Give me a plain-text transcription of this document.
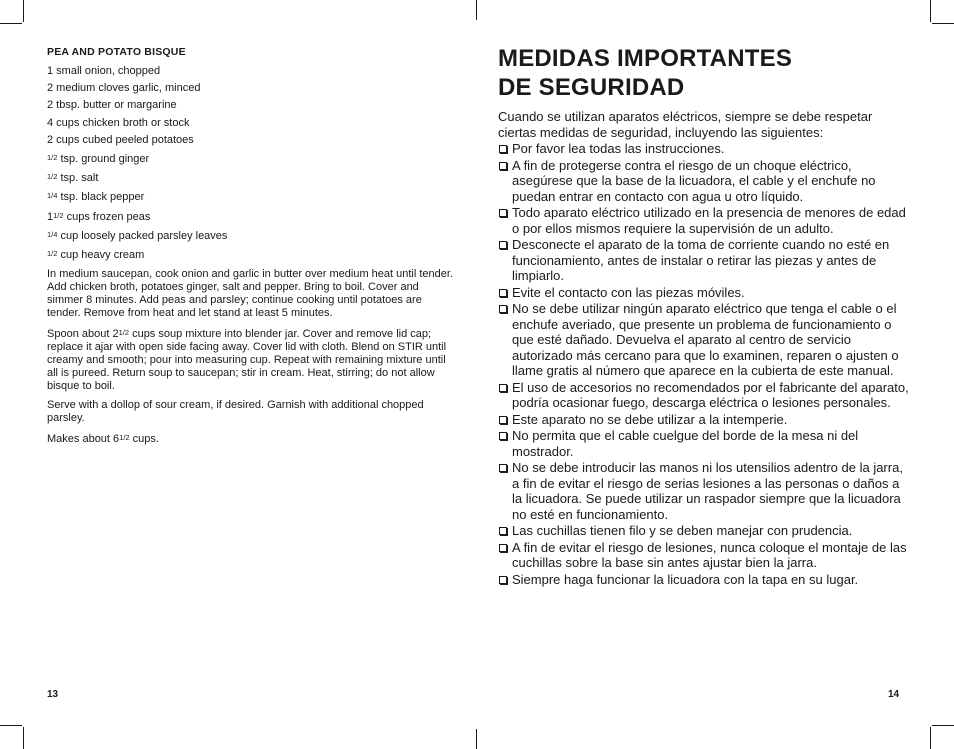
PEA AND POTATO BISQUE
1 small onion, chopped
2 medium cloves garlic, minced
2 tbsp. butter or margarine
4 cups chicken broth or stock
2 cups cubed peeled potatoes
$^{1/2}$ tsp. ground ginger
$^{1/2}$ tsp. salt
$^{1/4}$ tsp. black pepper
$1^{1/2}$ cups frozen peas
$^{1/4}$ cup loosely packed parsley leaves
$^{1/2}$ cup heavy cream
In medium saucepan, cook onion and garlic in butter over medium heat until tender. Add chicken broth, potatoes ginger, salt and pepper. Bring to boil. Cover and simmer 8 minutes. Add peas and parsley; continue cooking until potatoes are tender. Remove from heat and let stand at least 5 minutes.
Spoon about $2^{1/2}$ cups soup mixture into blender jar. Cover and remove lid cap; replace it ajar with open side facing away. Cover lid with cloth. Blend on STIR until creamy and smooth; pour into measuring cup. Repeat with remaining mixture until all is pureed. Return soup to saucepan; stir in cream. Heat, stirring; do not allow bisque to boil.
Serve with a dollop of sour cream, if desired. Garnish with additional chopped parsley.
Makes about $6^{1/2}$ cups.
13
MEDIDAS IMPORTANTES
DE SEGURIDAD
Cuando se utilizan aparatos eléctricos, siempre se debe respetar ciertas medidas de seguridad, incluyendo las siguientes:
Por favor lea todas las instrucciones.
A fin de protegerse contra el riesgo de un choque eléctrico, asegúrese que la base de la licuadora, el cable y el enchufe no puedan entrar en contacto con agua u otro líquido.
Todo aparato eléctrico utilizado en la presencia de menores de edad o por ellos mismos requiere la supervisión de un adulto.
Desconecte el aparato de la toma de corriente cuando no esté en funcionamiento, antes de instalar o retirar las piezas y antes de limpiarlo.
Evite el contacto con las piezas móviles.
No se debe utilizar ningún aparato eléctrico que tenga el cable o el enchufe averiado, que presente un problema de funcionamiento o que esté dañado. Devuelva el aparato al centro de servicio autorizado más cercano para que lo examinen, reparen o ajusten o llame gratis al número que aparece en la cubierta de este manual.
El uso de accesorios no recomendados por el fabricante del aparato, podría ocasionar fuego, descarga eléctrica o lesiones personales.
Este aparato no se debe utilizar a la intemperie.
No permita que el cable cuelgue del borde de la mesa ni del mostrador.
No se debe introducir las manos ni los utensilios adentro de la jarra, a fin de evitar el riesgo de serias lesiones a las personas o daños a la licuadora. Se puede utilizar un raspador siempre que la licuadora no esté en funcionamiento.
Las cuchillas tienen filo y se deben manejar con prudencia.
A fin de evitar el riesgo de lesiones, nunca coloque el montaje de las cuchillas sobre la base sin antes ajustar bien la jarra.
Siempre haga funcionar la licuadora con la tapa en su lugar.
14
